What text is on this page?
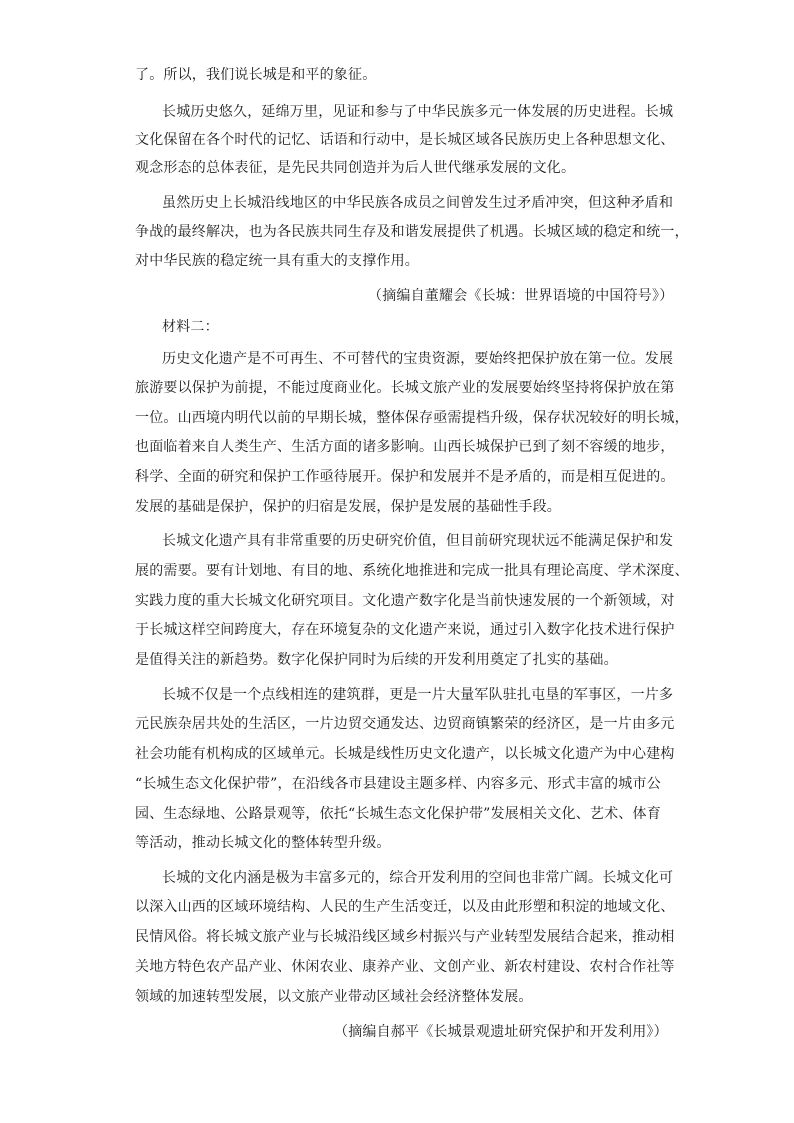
了。所以，我们说长城是和平的象征。
长城历史悠久，延绵万里，见证和参与了中华民族多元一体发展的历史进程。长城
文化保留在各个时代的记忆、话语和行动中，是长城区域各民族历史上各种思想文化、
观念形态的总体表征，是先民共同创造并为后人世代继承发展的文化。
虽然历史上长城沿线地区的中华民族各成员之间曾发生过矛盾冲突，但这种矛盾和
争战的最终解决，也为各民族共同生存及和谐发展提供了机遇。长城区域的稳定和统一，
对中华民族的稳定统一具有重大的支撑作用。
（摘编自董耀会《长城：世界语境的中国符号》）
材料二：
历史文化遗产是不可再生、不可替代的宝贵资源，要始终把保护放在第一位。发展
旅游要以保护为前提，不能过度商业化。长城文旅产业的发展要始终坚持将保护放在第
一位。山西境内明代以前的早期长城，整体保存亟需提档升级，保存状况较好的明长城，
也面临着来自人类生产、生活方面的诸多影响。山西长城保护已到了刻不容缓的地步，
科学、全面的研究和保护工作亟待展开。保护和发展并不是矛盾的，而是相互促进的。
发展的基础是保护，保护的归宿是发展，保护是发展的基础性手段。
长城文化遗产具有非常重要的历史研究价值，但目前研究现状远不能满足保护和发
展的需要。要有计划地、有目的地、系统化地推进和完成一批具有理论高度、学术深度、
实践力度的重大长城文化研究项目。文化遗产数字化是当前快速发展的一个新领域，对
于长城这样空间跨度大，存在环境复杂的文化遗产来说，通过引入数字化技术进行保护
是值得关注的新趋势。数字化保护同时为后续的开发利用奠定了扎实的基础。
长城不仅是一个点线相连的建筑群，更是一片大量军队驻扎屯垦的军事区，一片多
元民族杂居共处的生活区，一片边贸交通发达、边贸商镇繁荣的经济区，是一片由多元
社会功能有机构成的区域单元。长城是线性历史文化遗产，以长城文化遗产为中心建构
“长城生态文化保护带”，在沿线各市县建设主题多样、内容多元、形式丰富的城市公
园、生态绿地、公路景观等，依托“长城生态文化保护带”发展相关文化、艺术、体育
等活动，推动长城文化的整体转型升级。
长城的文化内涵是极为丰富多元的，综合开发利用的空间也非常广阔。长城文化可
以深入山西的区域环境结构、人民的生产生活变迁，以及由此形塑和积淀的地域文化、
民情风俗。将长城文旅产业与长城沿线区域乡村振兴与产业转型发展结合起来，推动相
关地方特色农产品产业、休闲农业、康养产业、文创产业、新农村建设、农村合作社等
领域的加速转型发展，以文旅产业带动区域社会经济整体发展。
（摘编自郝平《长城景观遗址研究保护和开发利用》）
